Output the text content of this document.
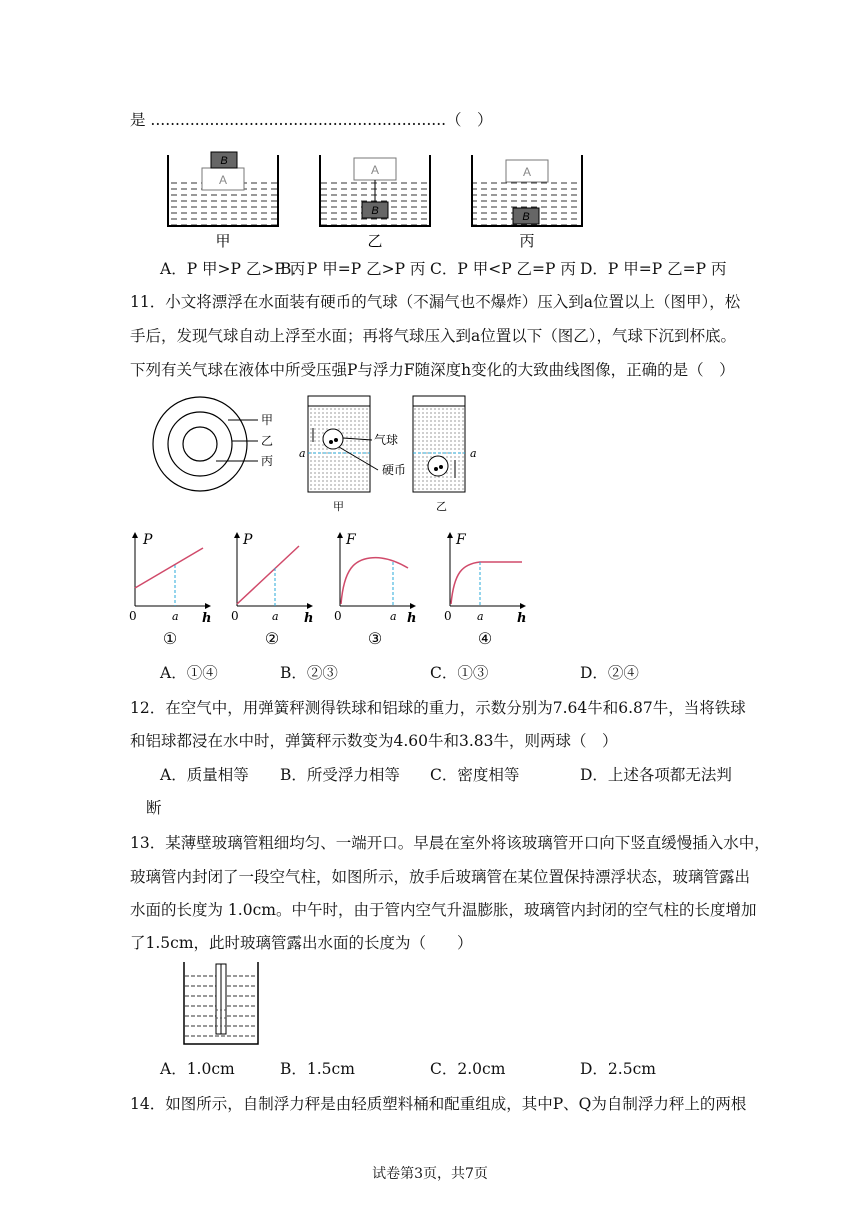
是 ............................................................（　）
A
B
甲
A
B
乙
A
B
丙
A．P 甲>P 乙>P 丙
B．P 甲=P 乙>P 丙 C．P 甲<P 乙=P 丙 D．P 甲=P 乙=P 丙
11．小文将漂浮在水面装有硬币的气球（不漏气也不爆炸）压入到a位置以上（图甲），松
手后，发现气球自动上浮至水面；再将气球压入到a位置以下（图乙），气球下沉到杯底。
下列有关气球在液体中所受压强P与浮力F随深度h变化的大致曲线图像，正确的是（　）
甲
乙
丙
a
气球
硬币
a
甲	乙
P
0	a h
①
P
0	a h
②
F
0	a h
③
F
0 a	h
④
A．①④	B．②③	C．①③	D．②④
12．在空气中，用弹簧秤测得铁球和铝球的重力，示数分别为7.64牛和6.87牛，当将铁球
和铝球都浸在水中时，弹簧秤示数变为4.60牛和3.83牛，则两球（　）
A．质量相等 B．所受浮力相等 C．密度相等	D．上述各项都无法判
断
13．某薄壁玻璃管粗细均匀、一端开口。早晨在室外将该玻璃管开口向下竖直缓慢插入水中，
玻璃管内封闭了一段空气柱，如图所示，放手后玻璃管在某位置保持漂浮状态，玻璃管露出
水面的长度为 1.0cm。中午时，由于管内空气升温膨胀，玻璃管内封闭的空气柱的长度增加
了1.5cm，此时玻璃管露出水面的长度为（　　）
A．1.0cm	B．1.5cm	C．2.0cm	D．2.5cm
14．如图所示，自制浮力秤是由轻质塑料桶和配重组成，其中P、Q为自制浮力秤上的两根
试卷第3页，共7页
